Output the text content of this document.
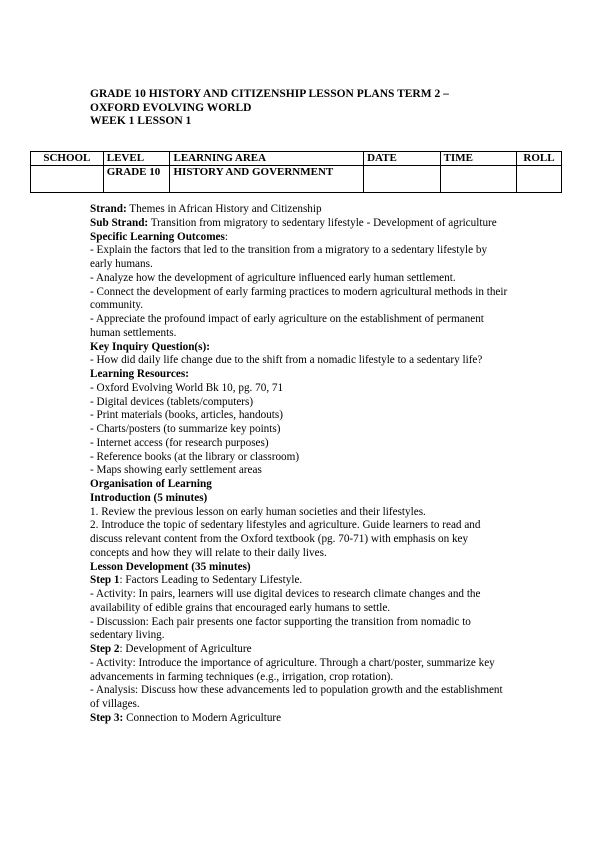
GRADE 10 HISTORY AND CITIZENSHIP LESSON PLANS TERM 2 –
OXFORD EVOLVING WORLD
WEEK 1 LESSON 1
SCHOOL	LEVEL	LEARNING AREA	DATE	TIME	ROLL
	GRADE 10	HISTORY AND GOVERNMENT			

Strand: Themes in African History and Citizenship

Sub Strand: Transition from migratory to sedentary lifestyle - Development of agriculture

Specific Learning Outcomes:

- Explain the factors that led to the transition from a migratory to a sedentary lifestyle by early humans.

- Analyze how the development of agriculture influenced early human settlement.

- Connect the development of early farming practices to modern agricultural methods in their community.

- Appreciate the profound impact of early agriculture on the establishment of permanent human settlements.

Key Inquiry Question(s):

- How did daily life change due to the shift from a nomadic lifestyle to a sedentary life?

Learning Resources:

- Oxford Evolving World Bk 10, pg. 70, 71

- Digital devices (tablets/computers)

- Print materials (books, articles, handouts)

- Charts/posters (to summarize key points)

- Internet access (for research purposes)

- Reference books (at the library or classroom)

- Maps showing early settlement areas

Organisation of Learning

Introduction (5 minutes)

1. Review the previous lesson on early human societies and their lifestyles.

2. Introduce the topic of sedentary lifestyles and agriculture. Guide learners to read and discuss relevant content from the Oxford textbook (pg. 70-71) with emphasis on key concepts and how they will relate to their daily lives.

Lesson Development (35 minutes)

Step 1: Factors Leading to Sedentary Lifestyle.

- Activity: In pairs, learners will use digital devices to research climate changes and the availability of edible grains that encouraged early humans to settle.

- Discussion: Each pair presents one factor supporting the transition from nomadic to sedentary living.

Step 2: Development of Agriculture

- Activity: Introduce the importance of agriculture. Through a chart/poster, summarize key advancements in farming techniques (e.g., irrigation, crop rotation).

- Analysis: Discuss how these advancements led to population growth and the establishment of villages.

Step 3: Connection to Modern Agriculture
